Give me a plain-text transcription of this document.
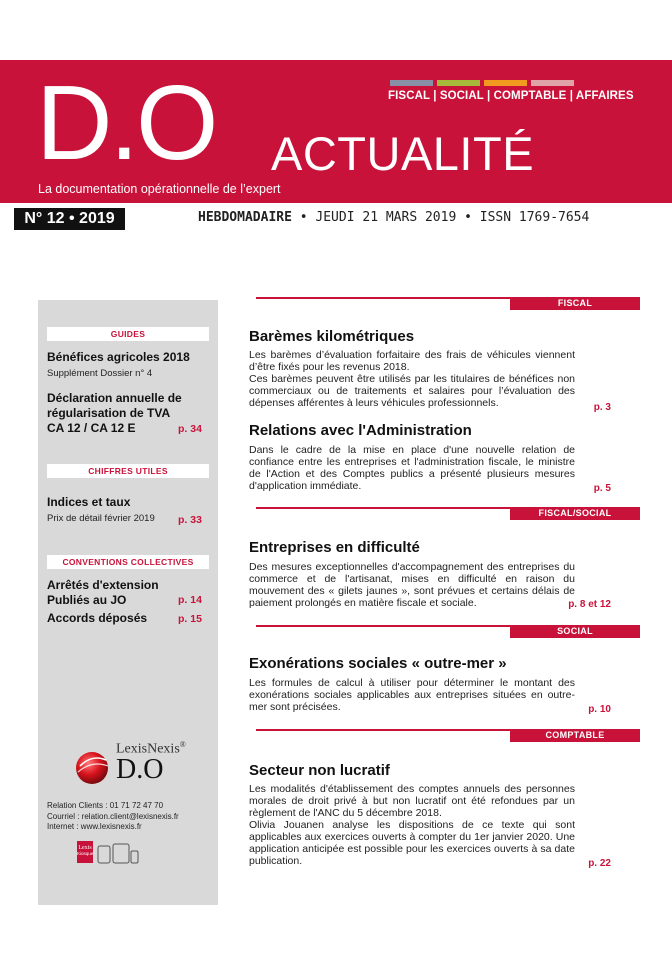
FISCAL | SOCIAL | COMPTABLE | AFFAIRES
D.O ACTUALITÉ
La documentation opérationnelle de l’expert
N° 12 • 2019	HEBDOMADAIRE • JEUDI 21 MARS 2019 • ISSN 1769-7654
GUIDES
Bénéfices agricoles 2018
Supplément Dossier n° 4
Déclaration annuelle de
régularisation de TVA
CA 12 / CA 12 E	p. 34
CHIFFRES UTILES
Indices et taux
Prix de détail février 2019 p. 33
CONVENTIONS COLLECTIVES
Arrêtés d'extension
Publiés au JO	p. 14
Accords déposés	p. 15
LexisNexis®
D.O
Relation Clients : 01 71 72 47 70
Courriel : relation.client@lexisnexis.fr
Internet : www.lexisnexis.fr
Lexis
Kiosque
FISCAL
Barèmes kilométriques
Les barèmes d’évaluation forfaitaire des frais de véhicules viennent d’être fixés pour les revenus 2018.
Ces barèmes peuvent être utilisés par les titulaires de bénéfices non commerciaux ou de traitements et salaires pour l’évaluation des dépenses afférentes à leurs véhicules professionnels.	p. 3
Relations avec l'Administration
Dans le cadre de la mise en place d'une nouvelle relation de confiance entre les entreprises et l'administration fiscale, le ministre de l'Action et des Comptes publics a présenté plusieurs mesures d'application immédiate.	p. 5
FISCAL/SOCIAL
Entreprises en difficulté
Des mesures exceptionnelles d'accompagnement des entreprises du commerce et de l'artisanat, mises en difficulté en raison du mouvement des « gilets jaunes », sont prévues et certains délais de paiement prolongés en matière fiscale et sociale.	p. 8 et 12
SOCIAL
Exonérations sociales « outre-mer »
Les formules de calcul à utiliser pour déterminer le montant des exonérations sociales applicables aux entreprises situées en outre-mer sont précisées.	p. 10
COMPTABLE
Secteur non lucratif
Les modalités d'établissement des comptes annuels des personnes morales de droit privé à but non lucratif ont été refondues par un règlement de l'ANC du 5 décembre 2018.
Olivia Jouanen analyse les dispositions de ce texte qui sont applicables aux exercices ouverts à compter du 1er janvier 2020. Une application anticipée est possible pour les exercices ouverts à sa date publication.	p. 22
